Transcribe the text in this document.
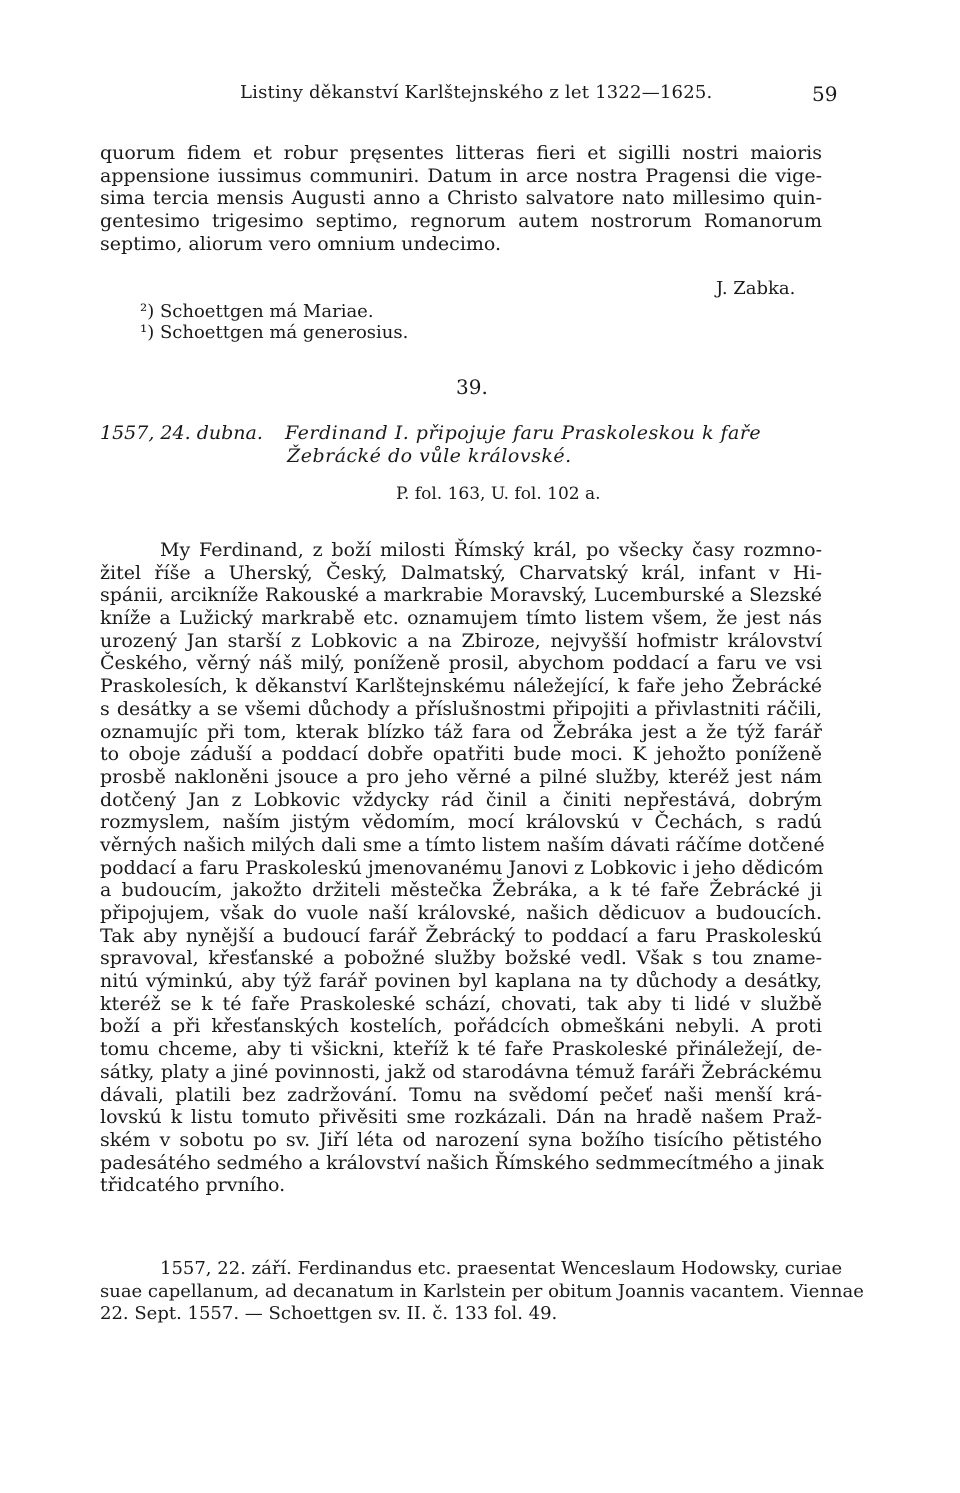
Listiny děkanství Karlštejnského z let 1322—1625.	59
quorum fidem et robur pręsentes litteras fieri et sigilli nostri maioris
appensione iussimus communiri. Datum in arce nostra Pragensi die vige-
sima tercia mensis Augusti anno a Christo salvatore nato millesimo quin-
gentesimo trigesimo septimo, regnorum autem nostrorum Romanorum
septimo, aliorum vero omnium undecimo.
J. Zabka.
²) Schoettgen má Mariae.
¹) Schoettgen má generosius.
39.
1557, 24. dubna. Ferdinand I. připojuje faru Praskoleskou k faře
Žebrácké do vůle královské.
P. fol. 163, U. fol. 102 a.
My Ferdinand, z boží milosti Římský král, po všecky časy rozmno-
žitel říše a Uherský, Český, Dalmatský, Charvatský král, infant v Hi-
spánii, arcikníže Rakouské a markrabie Moravský, Lucemburské a Slezské
kníže a Lužický markrabě etc. oznamujem tímto listem všem, že jest nás
urozený Jan starší z Lobkovic a na Zbiroze, nejvyšší hofmistr království
Českého, věrný náš milý, poníženě prosil, abychom poddací a faru ve vsi
Praskolesích, k děkanství Karlštejnskému náležející, k faře jeho Žebrácké
s desátky a se všemi důchody a příslušnostmi připojiti a přivlastniti ráčili,
oznamujíc při tom, kterak blízko táž fara od Žebráka jest a že týž farář
to oboje záduší a poddací dobře opatřiti bude moci. K jehožto poníženě
prosbě nakloněni jsouce a pro jeho věrné a pilné služby, kteréž jest nám
dotčený Jan z Lobkovic vždycky rád činil a činiti nepřestává, dobrým
rozmyslem, naším jistým vědomím, mocí královskú v Čechách, s radú
věrných našich milých dali sme a tímto listem naším dávati ráčíme dotčené
poddací a faru Praskoleskú jmenovanému Janovi z Lobkovic i jeho dědicóm
a budoucím, jakožto držiteli městečka Žebráka, a k té faře Žebrácké ji
připojujem, však do vuole naší královské, našich dědicuov a budoucích.
Tak aby nynější a budoucí farář Žebrácký to poddací a faru Praskoleskú
spravoval, křesťanské a pobožné služby božské vedl. Však s tou zname-
nitú výminkú, aby týž farář povinen byl kaplana na ty důchody a desátky,
kteréž se k té faře Praskoleské schází, chovati, tak aby ti lidé v službě
boží a při křesťanských kostelích, pořádcích obmeškáni nebyli. A proti
tomu chceme, aby ti všickni, kteříž k té faře Praskoleské přináležejí, de-
sátky, platy a jiné povinnosti, jakž od starodávna témuž faráři Žebráckému
dávali, platili bez zadržování. Tomu na svědomí pečeť naši menší krá-
lovskú k listu tomuto přivěsiti sme rozkázali. Dán na hradě našem Praž-
ském v sobotu po sv. Jiří léta od narození syna božího tisícího pětistého
padesátého sedmého a království našich Římského sedmmecítmého a jinak
třidcatého prvního.
1557, 22. září. Ferdinandus etc. praesentat Wenceslaum Hodowsky, curiae
suae capellanum, ad decanatum in Karlstein per obitum Joannis vacantem. Viennae
22. Sept. 1557. — Schoettgen sv. II. č. 133 fol. 49.
